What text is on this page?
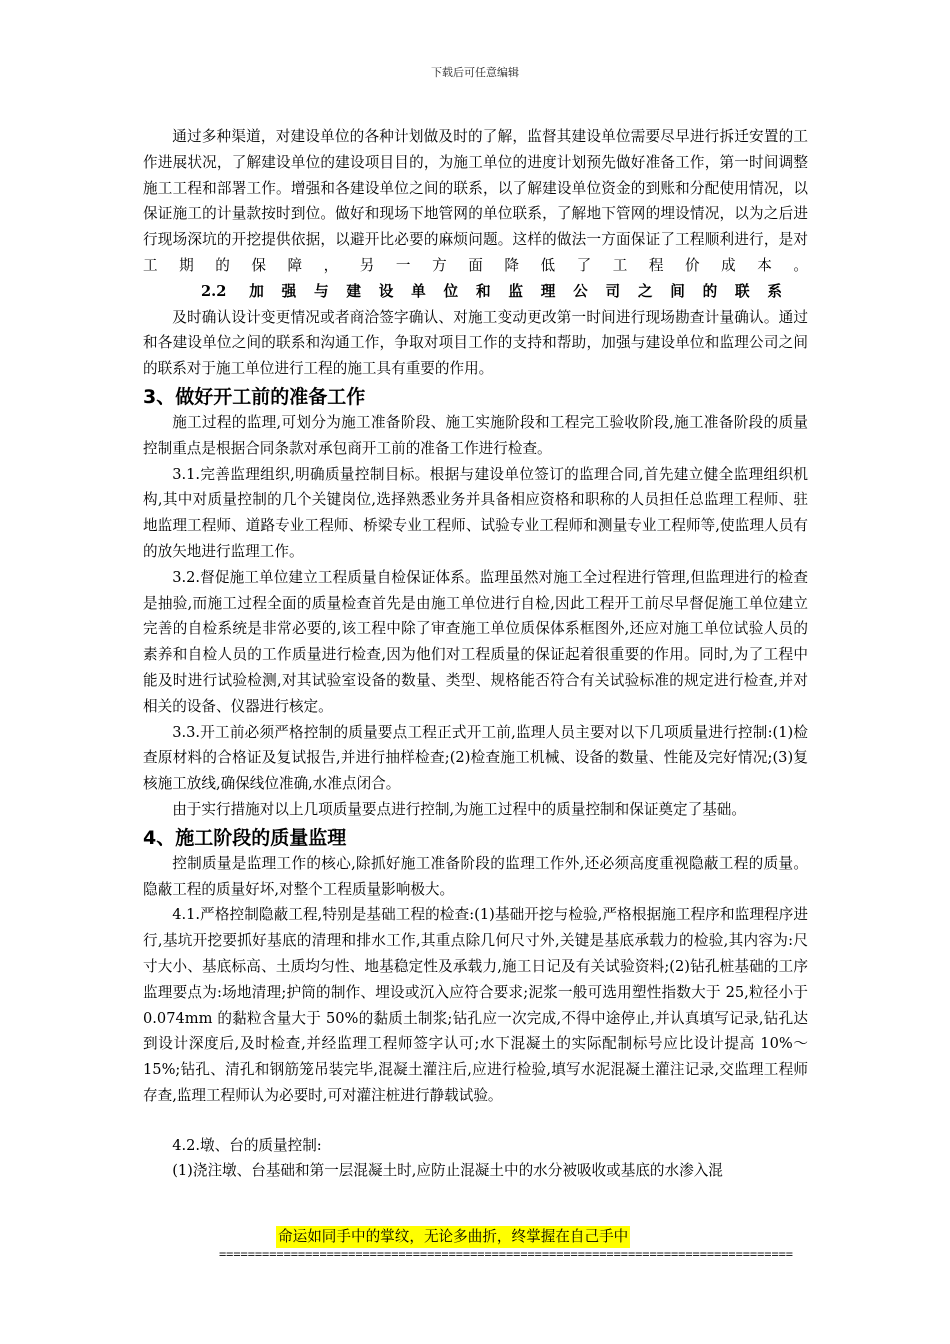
下载后可任意编辑

通过多种渠道，对建设单位的各种计划做及时的了解，监督其建设单位需要尽早进行拆迁安置的工作进展状况，了解建设单位的建设项目目的，为施工单位的进度计划预先做好准备工作，第一时间调整施工工程和部署工作。增强和各建设单位之间的联系，以了解建设单位资金的到账和分配使用情况，以保证施工的计量款按时到位。做好和现场下地管网的单位联系，了解地下管网的埋设情况，以为之后进行现场深坑的开挖提供依据，以避开比必要的麻烦问题。这样的做法一方面保证了工程顺利进行，是对工期的保障，另一方面降低了工程价成本。

2.2 加强与建设单位和监理公司之间的联系

及时确认设计变更情况或者商洽签字确认、对施工变动更改第一时间进行现场勘查计量确认。通过和各建设单位之间的联系和沟通工作，争取对项目工作的支持和帮助，加强与建设单位和监理公司之间的联系对于施工单位进行工程的施工具有重要的作用。

3、做好开工前的准备工作

施工过程的监理,可划分为施工准备阶段、施工实施阶段和工程完工验收阶段,施工准备阶段的质量控制重点是根据合同条款对承包商开工前的准备工作进行检查。

3.1.完善监理组织,明确质量控制目标。根据与建设单位签订的监理合同,首先建立健全监理组织机构,其中对质量控制的几个关键岗位,选择熟悉业务并具备相应资格和职称的人员担任总监理工程师、驻地监理工程师、道路专业工程师、桥梁专业工程师、试验专业工程师和测量专业工程师等,使监理人员有的放矢地进行监理工作。

3.2.督促施工单位建立工程质量自检保证体系。监理虽然对施工全过程进行管理,但监理进行的检查是抽验,而施工过程全面的质量检查首先是由施工单位进行自检,因此工程开工前尽早督促施工单位建立完善的自检系统是非常必要的,该工程中除了审查施工单位质保体系框图外,还应对施工单位试验人员的素养和自检人员的工作质量进行检查,因为他们对工程质量的保证起着很重要的作用。同时,为了工程中能及时进行试验检测,对其试验室设备的数量、类型、规格能否符合有关试验标准的规定进行检查,并对相关的设备、仪器进行核定。

3.3.开工前必须严格控制的质量要点工程正式开工前,监理人员主要对以下几项质量进行控制:(1)检查原材料的合格证及复试报告,并进行抽样检查;(2)检查施工机械、设备的数量、性能及完好情况;(3)复核施工放线,确保线位准确,水准点闭合。

由于实行措施对以上几项质量要点进行控制,为施工过程中的质量控制和保证奠定了基础。

4、施工阶段的质量监理

控制质量是监理工作的核心,除抓好施工准备阶段的监理工作外,还必须高度重视隐蔽工程的质量。隐蔽工程的质量好坏,对整个工程质量影响极大。

4.1.严格控制隐蔽工程,特别是基础工程的检查:(1)基础开挖与检验,严格根据施工程序和监理程序进行,基坑开挖要抓好基底的清理和排水工作,其重点除几何尺寸外,关键是基底承载力的检验,其内容为:尺寸大小、基底标高、土质均匀性、地基稳定性及承载力,施工日记及有关试验资料;(2)钻孔桩基础的工序监理要点为:场地清理;护筒的制作、埋设或沉入应符合要求;泥浆一般可选用塑性指数大于 25,粒径小于 0.074mm 的黏粒含量大于 50%的黏质土制浆;钻孔应一次完成,不得中途停止,并认真填写记录,钻孔达到设计深度后,及时检查,并经监理工程师签字认可;水下混凝土的实际配制标号应比设计提高 10%～15%;钻孔、清孔和钢筋笼吊装完毕,混凝土灌注后,应进行检验,填写水泥混凝土灌注记录,交监理工程师存查,监理工程师认为必要时,可对灌注桩进行静载试验。

4.2.墩、台的质量控制:

(1)浇注墩、台基础和第一层混凝土时,应防止混凝土中的水分被吸收或基底的水渗入混

命运如同手中的掌纹，无论多曲折，终掌握在自己手中
================================================================================
